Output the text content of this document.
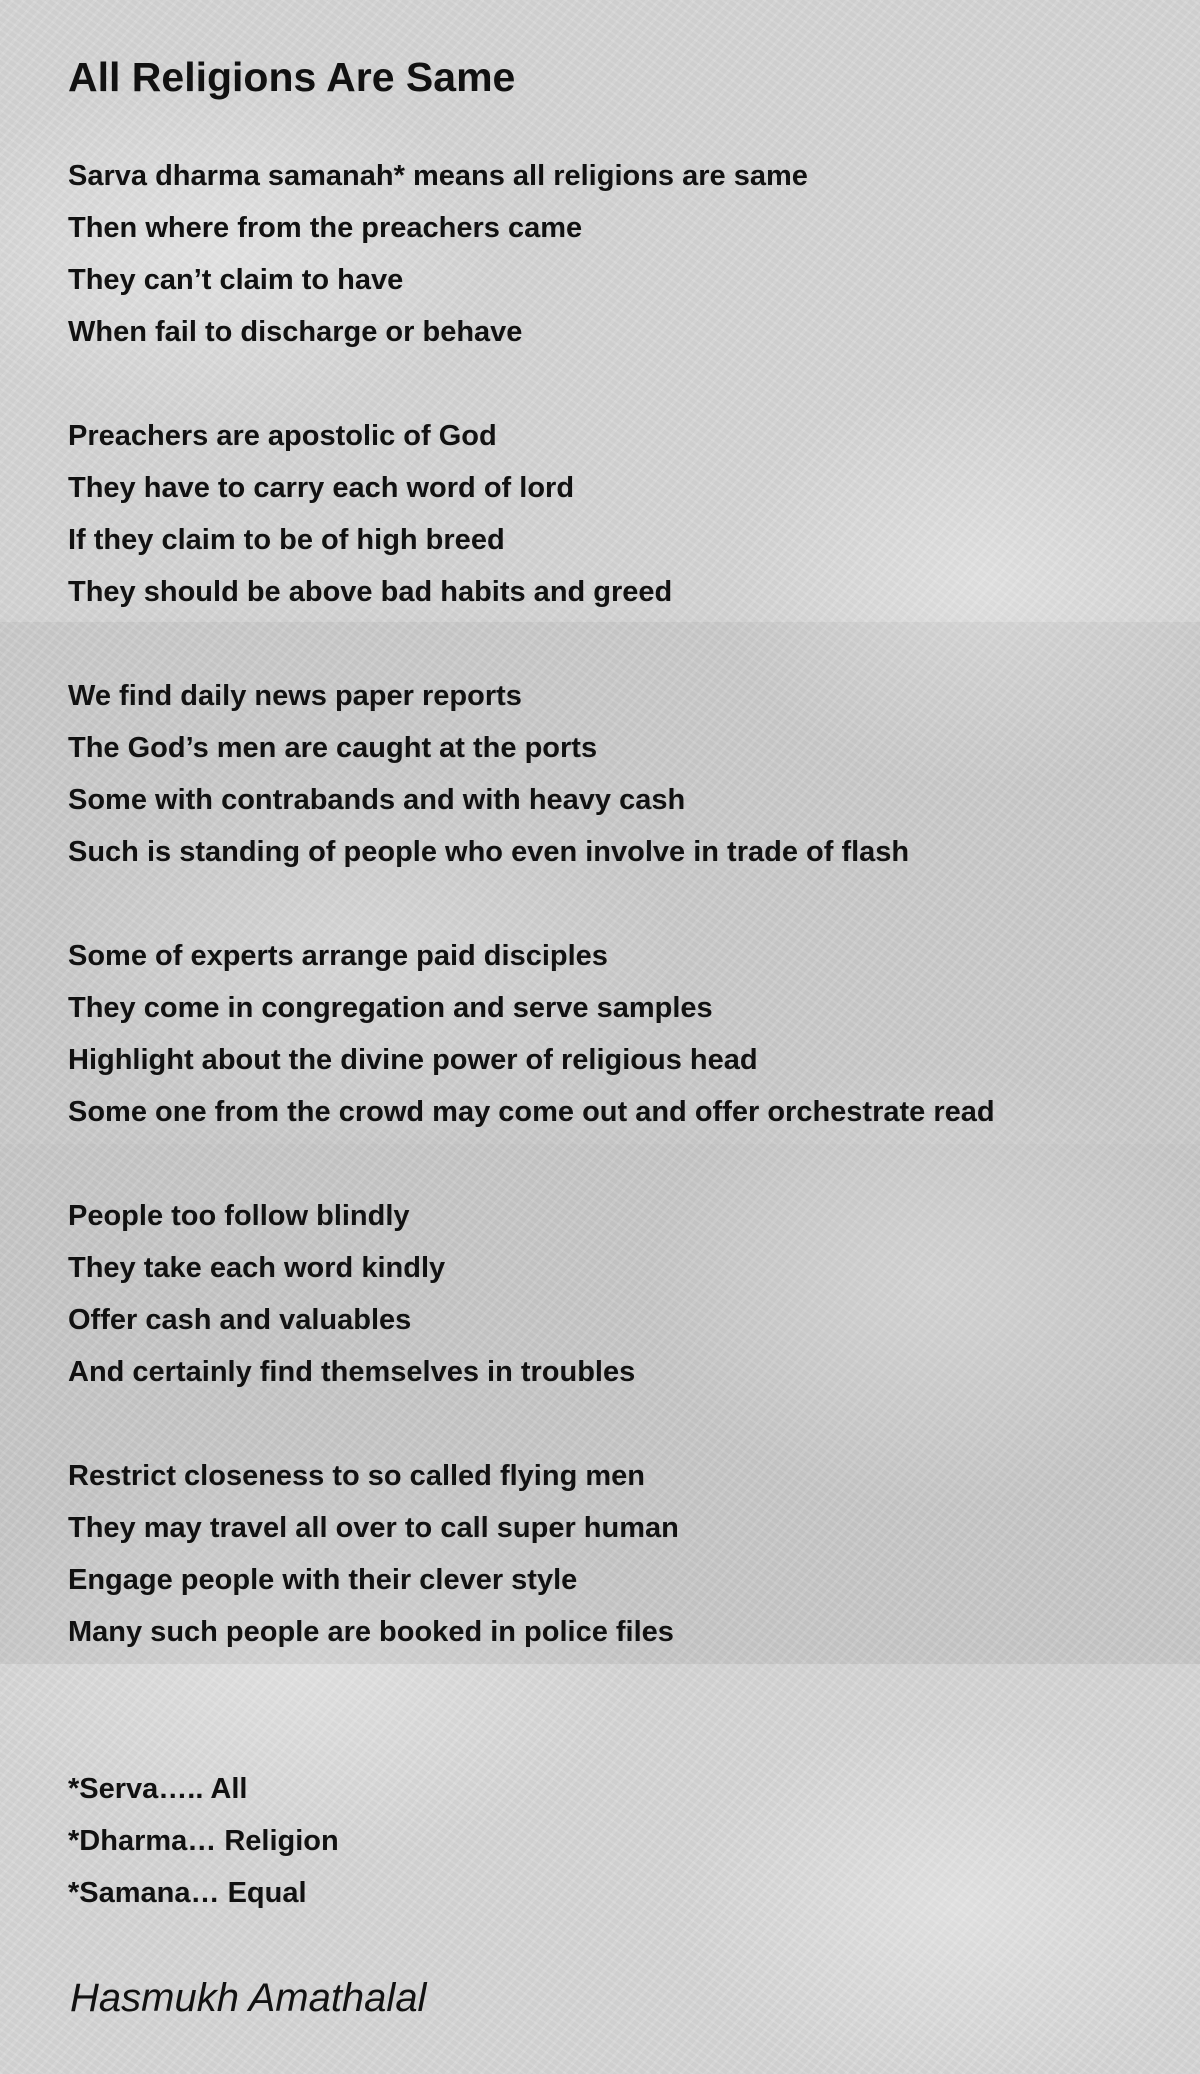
All Religions Are Same
Sarva dharma samanah* means all religions are same
Then where from the preachers came
They can’t claim to have
When fail to discharge or behave
Preachers are apostolic of God
They have to carry each word of lord
If they claim to be of high breed
They should be above bad habits and greed
We find daily news paper reports
The God’s men are caught at the ports
Some with contrabands and with heavy cash
Such is standing of people who even involve in trade of flash
Some of experts arrange paid disciples
They come in congregation and serve samples
Highlight about the divine power of religious head
Some one from the crowd may come out and offer orchestrate read
People too follow blindly
They take each word kindly
Offer cash and valuables
And certainly find themselves in troubles
Restrict closeness to so called flying men
They may travel all over to call super human
Engage people with their clever style
Many such people are booked in police files
*Serva….. All
*Dharma… Religion
*Samana… Equal

Hasmukh Amathalal
